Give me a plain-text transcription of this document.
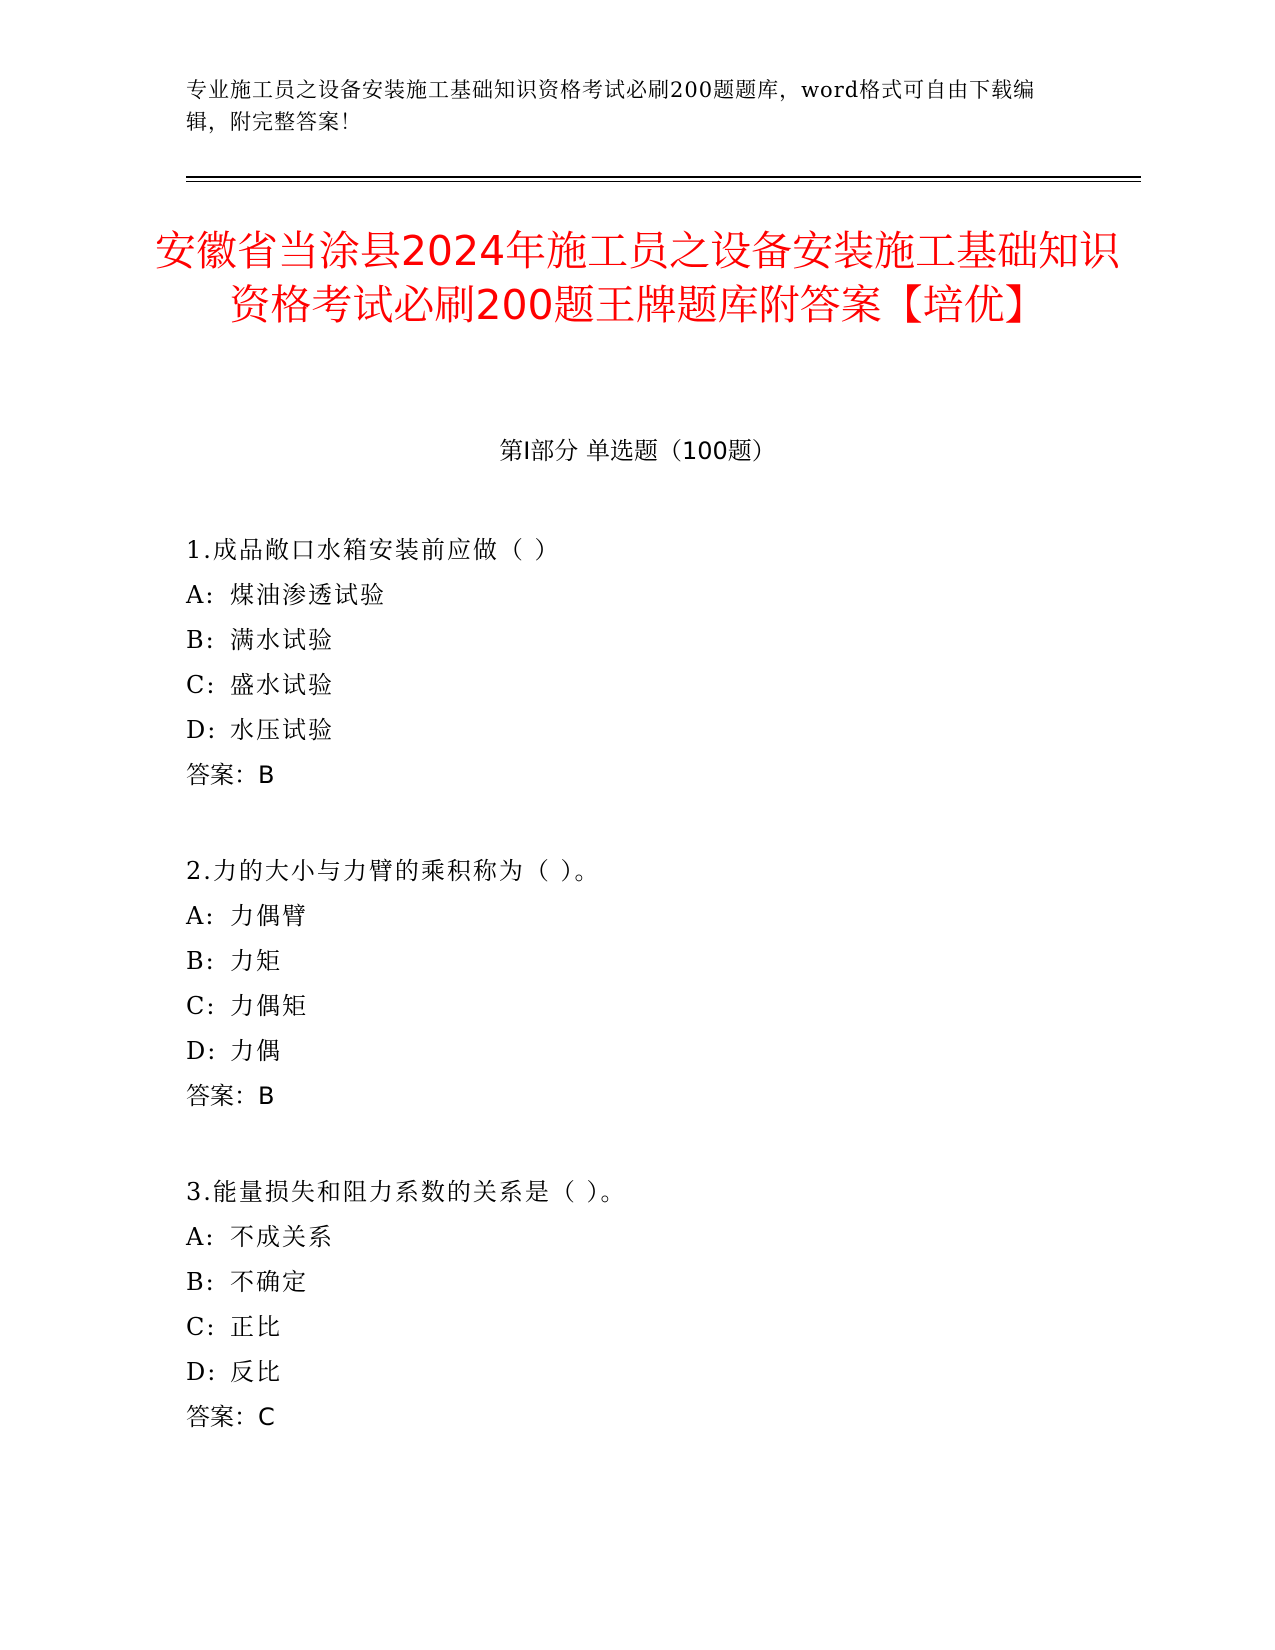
专业施工员之设备安装施工基础知识资格考试必刷200题题库，word格式可自由下载编辑，附完整答案！
安徽省当涂县2024年施工员之设备安装施工基础知识资格考试必刷200题王牌题库附答案【培优】
第Ⅰ部分 单选题（100题）
1.成品敞口水箱安装前应做（ ）
A: 煤油渗透试验
B: 满水试验
C: 盛水试验
D: 水压试验
答案：B
2.力的大小与力臂的乘积称为（ ）。
A: 力偶臂
B: 力矩
C: 力偶矩
D: 力偶
答案：B
3.能量损失和阻力系数的关系是（ ）。
A: 不成关系
B: 不确定
C: 正比
D: 反比
答案：C
